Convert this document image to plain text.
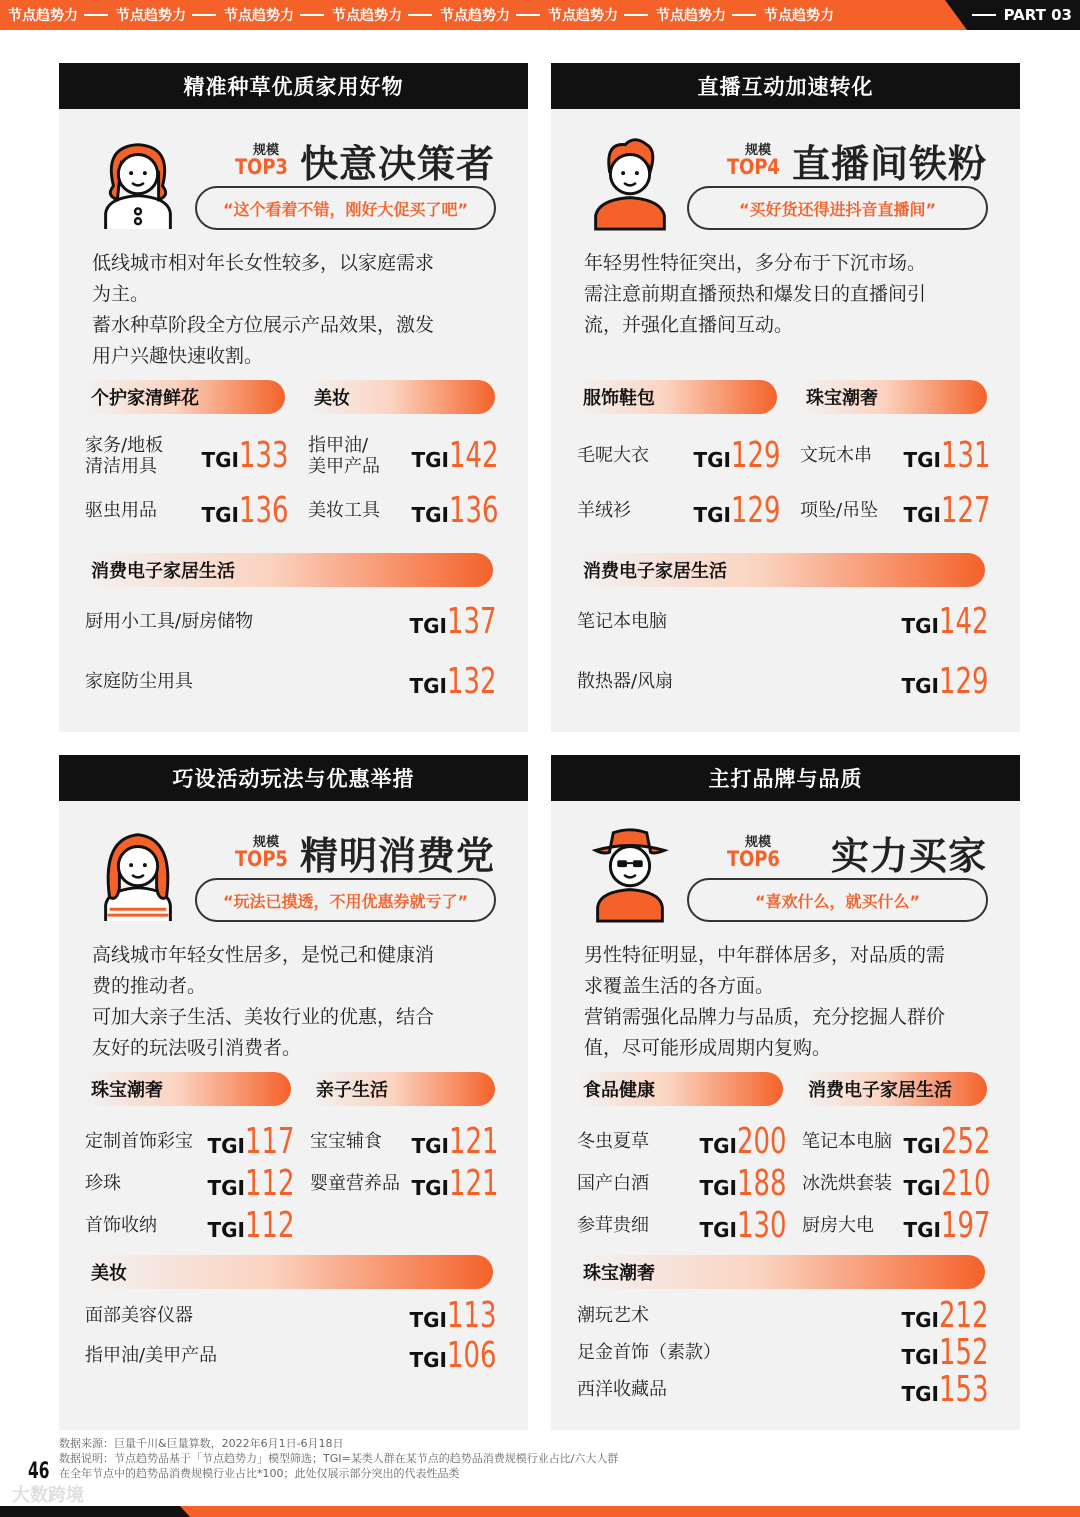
节点趋势力	节点趋势力	节点趋势力	节点趋势力	节点趋势力	节点趋势力	节点趋势力	节点趋势力	PART 03
精准种草优质家用好物
规模
TOP3 快意决策者
“这个看着不错，刚好大促买了吧”
低线城市相对年长女性较多，以家庭需求
为主。
蓄水种草阶段全方位展示产品效果，激发
用户兴趣快速收割。
个护家清鲜花
家务/地板
清洁用具	TGI 133
驱虫用品 TGI 136
美妆
指甲油/
美甲产品 TGI 142
美妆工具 TGI 136
消费电子家居生活
厨用小工具/厨房储物	TGI 137
家庭防尘用具	TGI 132
直播互动加速转化
规模
TOP4 直播间铁粉
“买好货还得进抖音直播间”
年轻男性特征突出，多分布于下沉市场。
需注意前期直播预热和爆发日的直播间引
流，并强化直播间互动。
服饰鞋包
毛呢大衣 TGI 129
羊绒衫	TGI 129
珠宝潮奢
文玩木串 TGI 131
项坠/吊坠 TGI 127
消费电子家居生活
笔记本电脑	TGI 142
散热器/风扇	TGI 129
巧设活动玩法与优惠举措
规模
TOP5 精明消费党
“玩法已摸透，不用优惠券就亏了”
高线城市年轻女性居多，是悦己和健康消
费的推动者。
可加大亲子生活、美妆行业的优惠，结合
友好的玩法吸引消费者。
珠宝潮奢
定制首饰彩宝 TGI 117
珍珠	TGI 112
首饰收纳	TGI 112
亲子生活
宝宝辅食 TGI 121
婴童营养品 TGI 121
美妆
面部美容仪器	TGI 113
指甲油/美甲产品	TGI 106
主打品牌与品质
规模
TOP6 实力买家
“喜欢什么，就买什么”
男性特征明显，中年群体居多，对品质的需
求覆盖生活的各方面。
营销需强化品牌力与品质，充分挖掘人群价
值，尽可能形成周期内复购。
食品健康
冬虫夏草	TGI 200
国产白酒	TGI 188
参茸贵细	TGI 130
消费电子家居生活
笔记本电脑 TGI 252
冰洗烘套装 TGI 210
厨房大电 TGI 197
珠宝潮奢
潮玩艺术	TGI 212
足金首饰（素款）	TGI 152
西洋收藏品	TGI 153
数据来源：巨量千川&巨量算数，2022年6月1日-6月18日
数据说明：节点趋势品基于「节点趋势力」模型筛选；TGI=某类人群在某节点的趋势品消费规模行业占比/六大人群
在全年节点中的趋势品消费规模行业占比*100；此处仅展示部分突出的代表性品类
46
大数跨境
